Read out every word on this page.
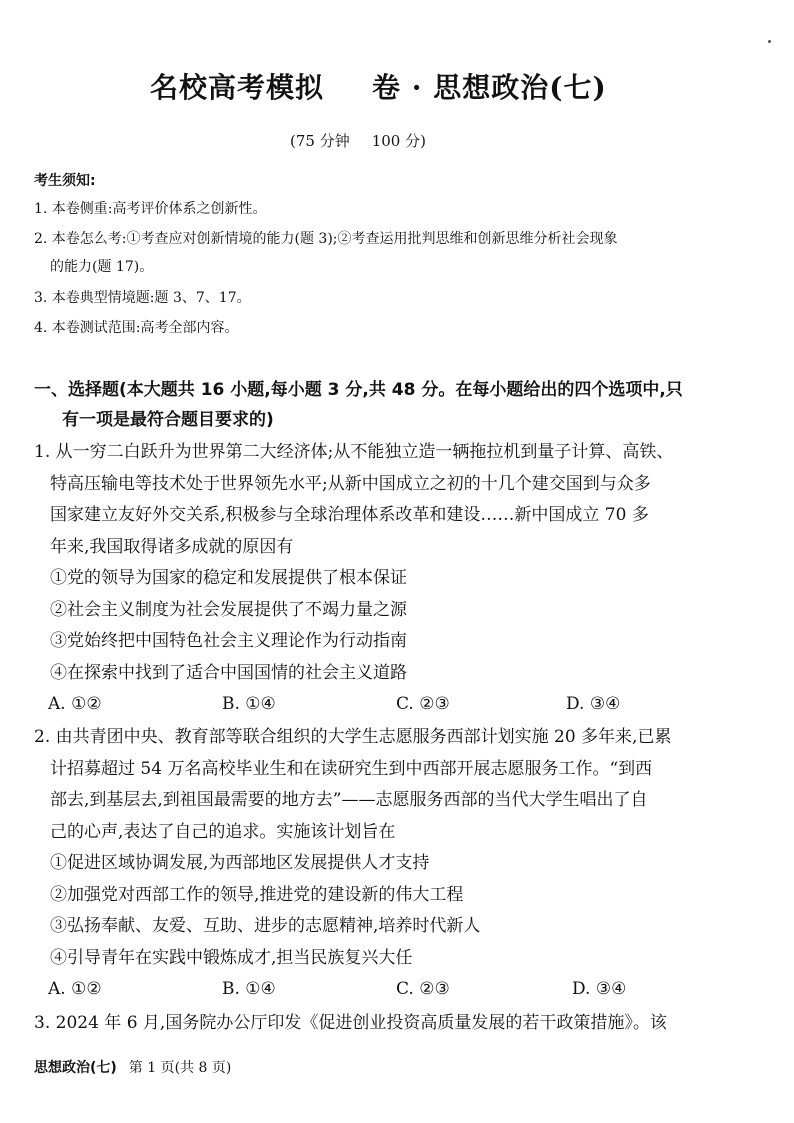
名校高考模拟 卷 · 思想政治(七)
(75 分钟 100 分)
考生须知:
1. 本卷侧重:高考评价体系之创新性。
2. 本卷怎么考:①考查应对创新情境的能力(题 3);②考查运用批判思维和创新思维分析社会现象
的能力(题 17)。
3. 本卷典型情境题:题 3、7、17。
4. 本卷测试范围:高考全部内容。
一、选择题(本大题共 16 小题,每小题 3 分,共 48 分。在每小题给出的四个选项中,只
有一项是最符合题目要求的)
1. 从一穷二白跃升为世界第二大经济体;从不能独立造一辆拖拉机到量子计算、高铁、
特高压输电等技术处于世界领先水平;从新中国成立之初的十几个建交国到与众多
国家建立友好外交关系,积极参与全球治理体系改革和建设……新中国成立 70 多
年来,我国取得诸多成就的原因有
①党的领导为国家的稳定和发展提供了根本保证
②社会主义制度为社会发展提供了不竭力量之源
③党始终把中国特色社会主义理论作为行动指南
④在探索中找到了适合中国国情的社会主义道路
A. ①②	B. ①④	C. ②③	D. ③④
2. 由共青团中央、教育部等联合组织的大学生志愿服务西部计划实施 20 多年来,已累
计招募超过 54 万名高校毕业生和在读研究生到中西部开展志愿服务工作。“到西
部去,到基层去,到祖国最需要的地方去”——志愿服务西部的当代大学生唱出了自
己的心声,表达了自己的追求。实施该计划旨在
①促进区域协调发展,为西部地区发展提供人才支持
②加强党对西部工作的领导,推进党的建设新的伟大工程
③弘扬奉献、友爱、互助、进步的志愿精神,培养时代新人
④引导青年在实践中锻炼成才,担当民族复兴大任
A. ①②	B. ①④	C. ②③	D. ③④
3. 2024 年 6 月,国务院办公厅印发《促进创业投资高质量发展的若干政策措施》。该
思想政治(七) 第 1 页(共 8 页)
